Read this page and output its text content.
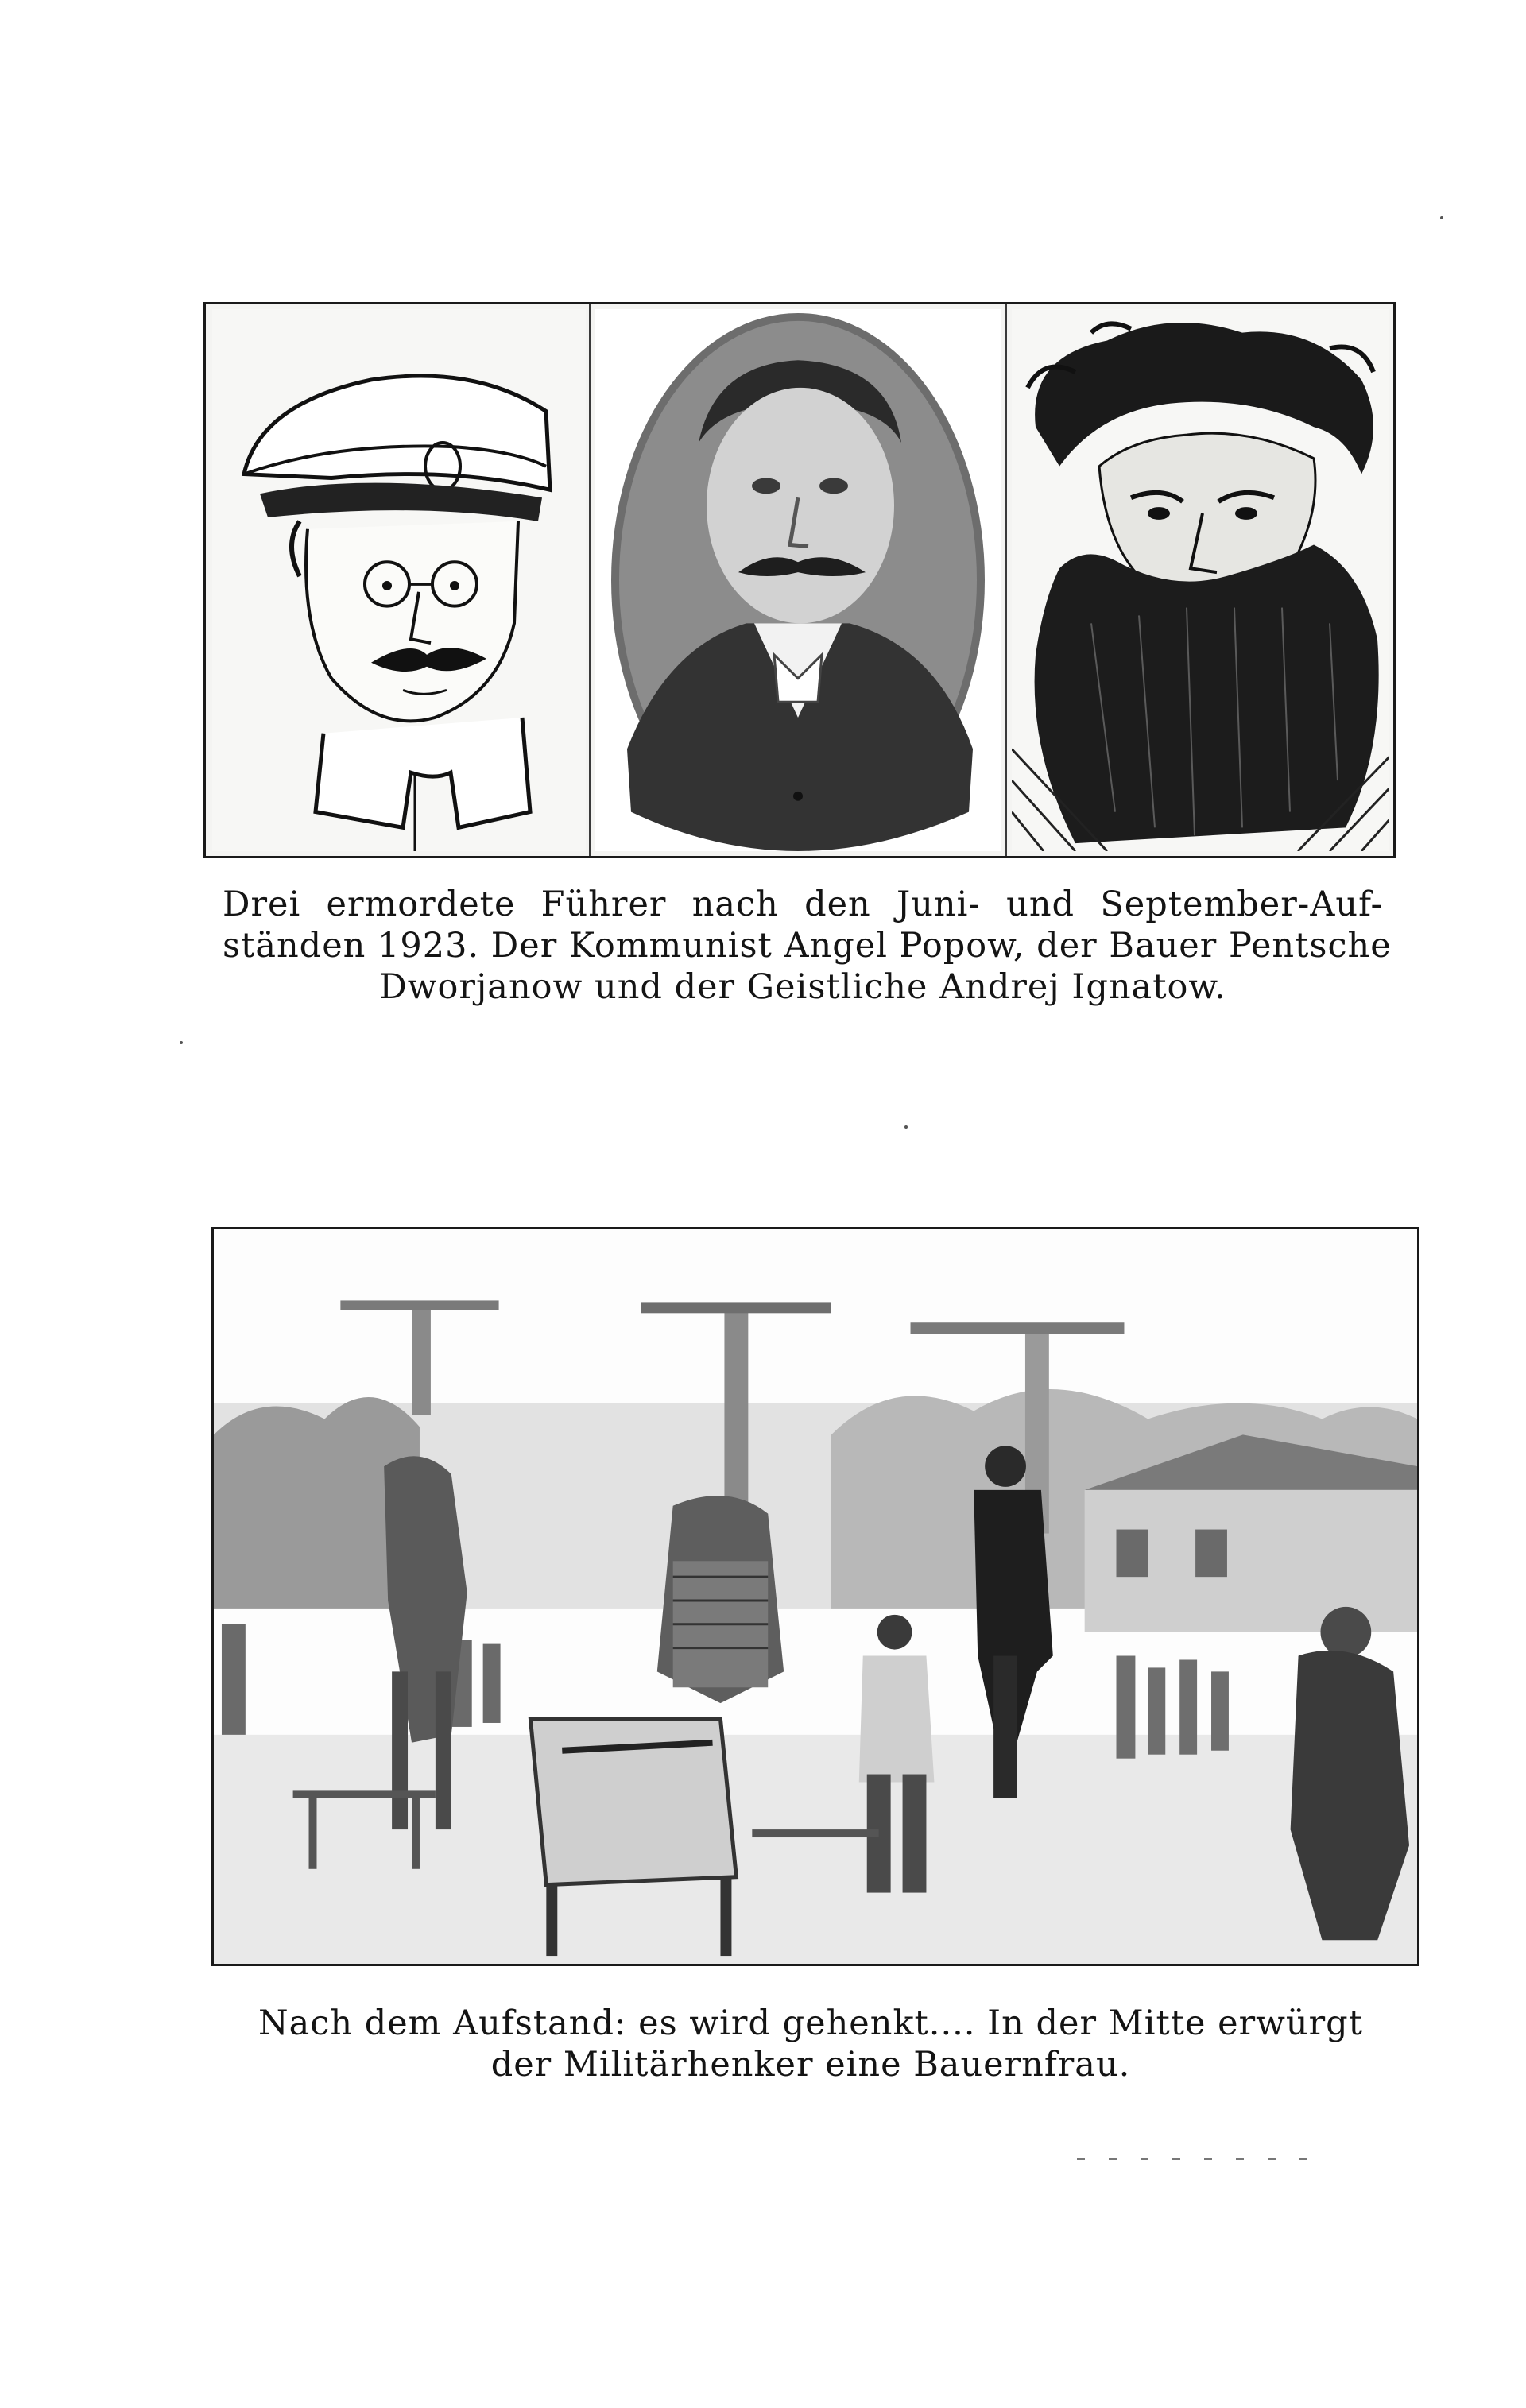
Drei ermordete Führer nach den Juni- und September-Auf-
ständen 1923. Der Kommunist Angel Popow, der Bauer Pentsche
Dworjanow und der Geistliche Andrej Ignatow.
Nach dem Aufstand: es wird gehenkt.... In der Mitte erwürgt
der Militärhenker eine Bauernfrau.
